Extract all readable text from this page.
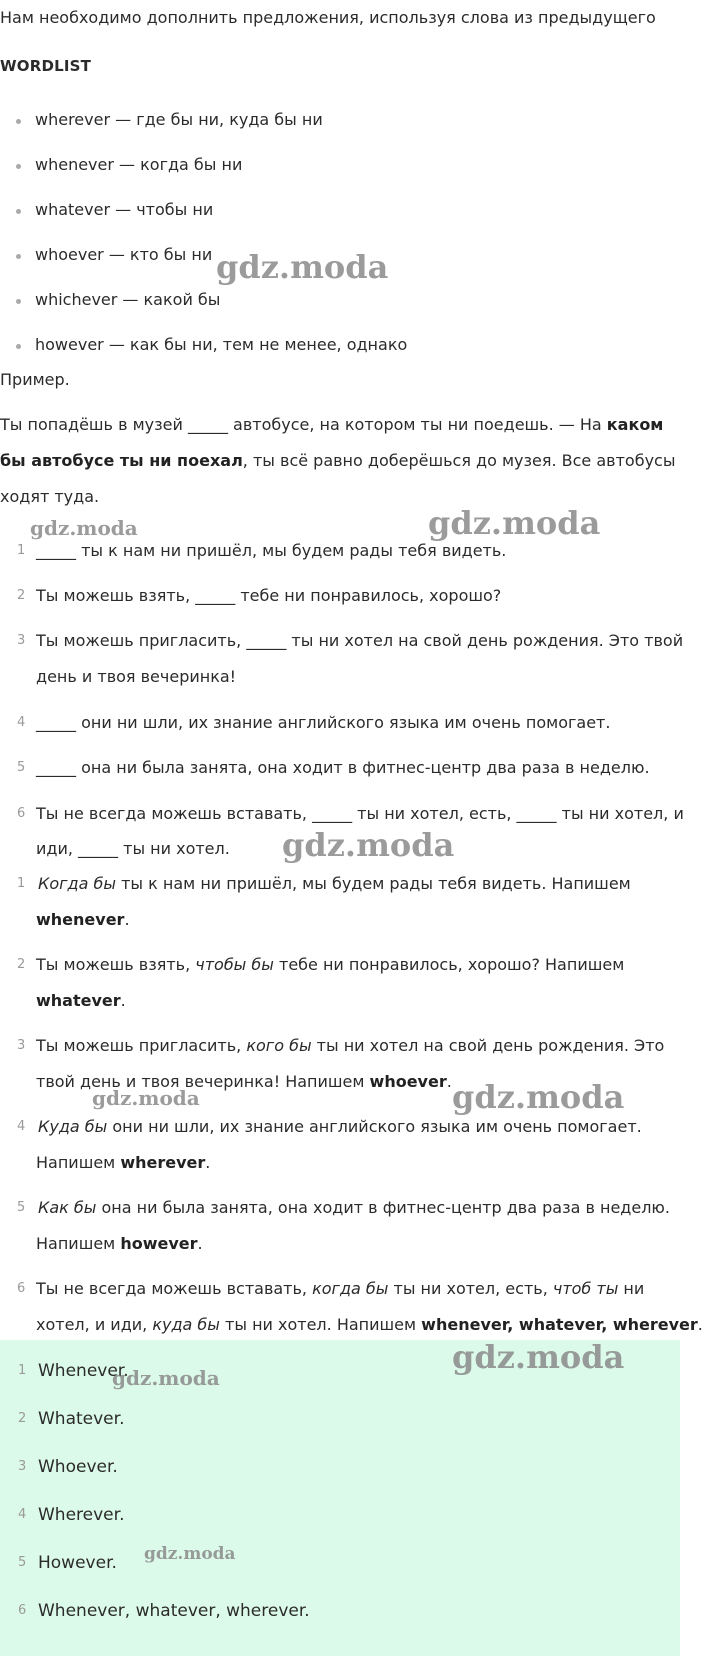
Нам необходимо дополнить предложения, используя слова из предыдущего
WORDLIST
wherever — где бы ни, куда бы ни
whenever — когда бы ни
whatever — чтобы ни
whoever — кто бы ни
whichever — какой бы
however — как бы ни, тем не менее, однако
Пример.
Ты попадёшь в музей _____ автобусе, на котором ты ни поедешь. — На каком
бы автобусе ты ни поехал, ты всё равно доберёшься до музея. Все автобусы
ходят туда.
1 _____ ты к нам ни пришёл, мы будем рады тебя видеть.
2 Ты можешь взять, _____ тебе ни понравилось, хорошо?
3 Ты можешь пригласить, _____ ты ни хотел на свой день рождения. Это твой
день и твоя вечеринка!
4 _____ они ни шли, их знание английского языка им очень помогает.
5 _____ она ни была занята, она ходит в фитнес-центр два раза в неделю.
6 Ты не всегда можешь вставать, _____ ты ни хотел, есть, _____ ты ни хотел, и
иди, _____ ты ни хотел.
1 Когда бы ты к нам ни пришёл, мы будем рады тебя видеть. Напишем
whenever.
2 Ты можешь взять, чтобы бы тебе ни понравилось, хорошо? Напишем
whatever.
3 Ты можешь пригласить, кого бы ты ни хотел на свой день рождения. Это
твой день и твоя вечеринка! Напишем whoever.
4 Куда бы они ни шли, их знание английского языка им очень помогает.
Напишем wherever.
5 Как бы она ни была занята, она ходит в фитнес-центр два раза в неделю.
Напишем however.
6 Ты не всегда можешь вставать, когда бы ты ни хотел, есть, чтоб ты ни
хотел, и иди, куда бы ты ни хотел. Напишем whenever, whatever, wherever.
1 Whenever.
2 Whatever.
3 Whoever.
4 Wherever.
5 However.
6 Whenever, whatever, wherever.
gdz.moda
gdz.moda	gdz.moda
gdz.moda
gdz.moda	gdz.moda
gdz.moda
gdz.moda
gdz.moda
